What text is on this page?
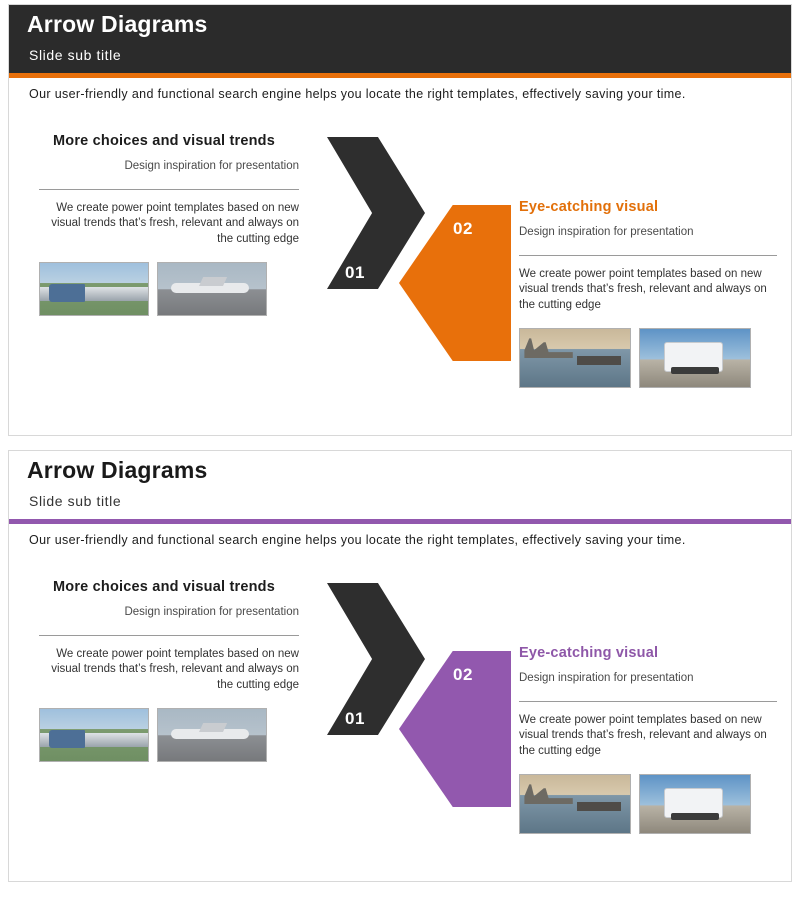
Arrow Diagrams
Slide sub title
Our user-friendly and functional search engine helps you locate the right templates, effectively saving your time.
More choices and visual trends
Design inspiration for presentation
We create power point templates based on new visual trends that’s fresh, relevant and always on the cutting edge
01
02
Eye-catching visual
Design inspiration for presentation
We create power point templates based on new visual trends that’s fresh, relevant and always on the cutting edge
Arrow Diagrams
Slide sub title
Our user-friendly and functional search engine helps you locate the right templates, effectively saving your time.
More choices and visual trends
Design inspiration for presentation
We create power point templates based on new visual trends that’s fresh, relevant and always on the cutting edge
01
02
Eye-catching visual
Design inspiration for presentation
We create power point templates based on new visual trends that’s fresh, relevant and always on the cutting edge
